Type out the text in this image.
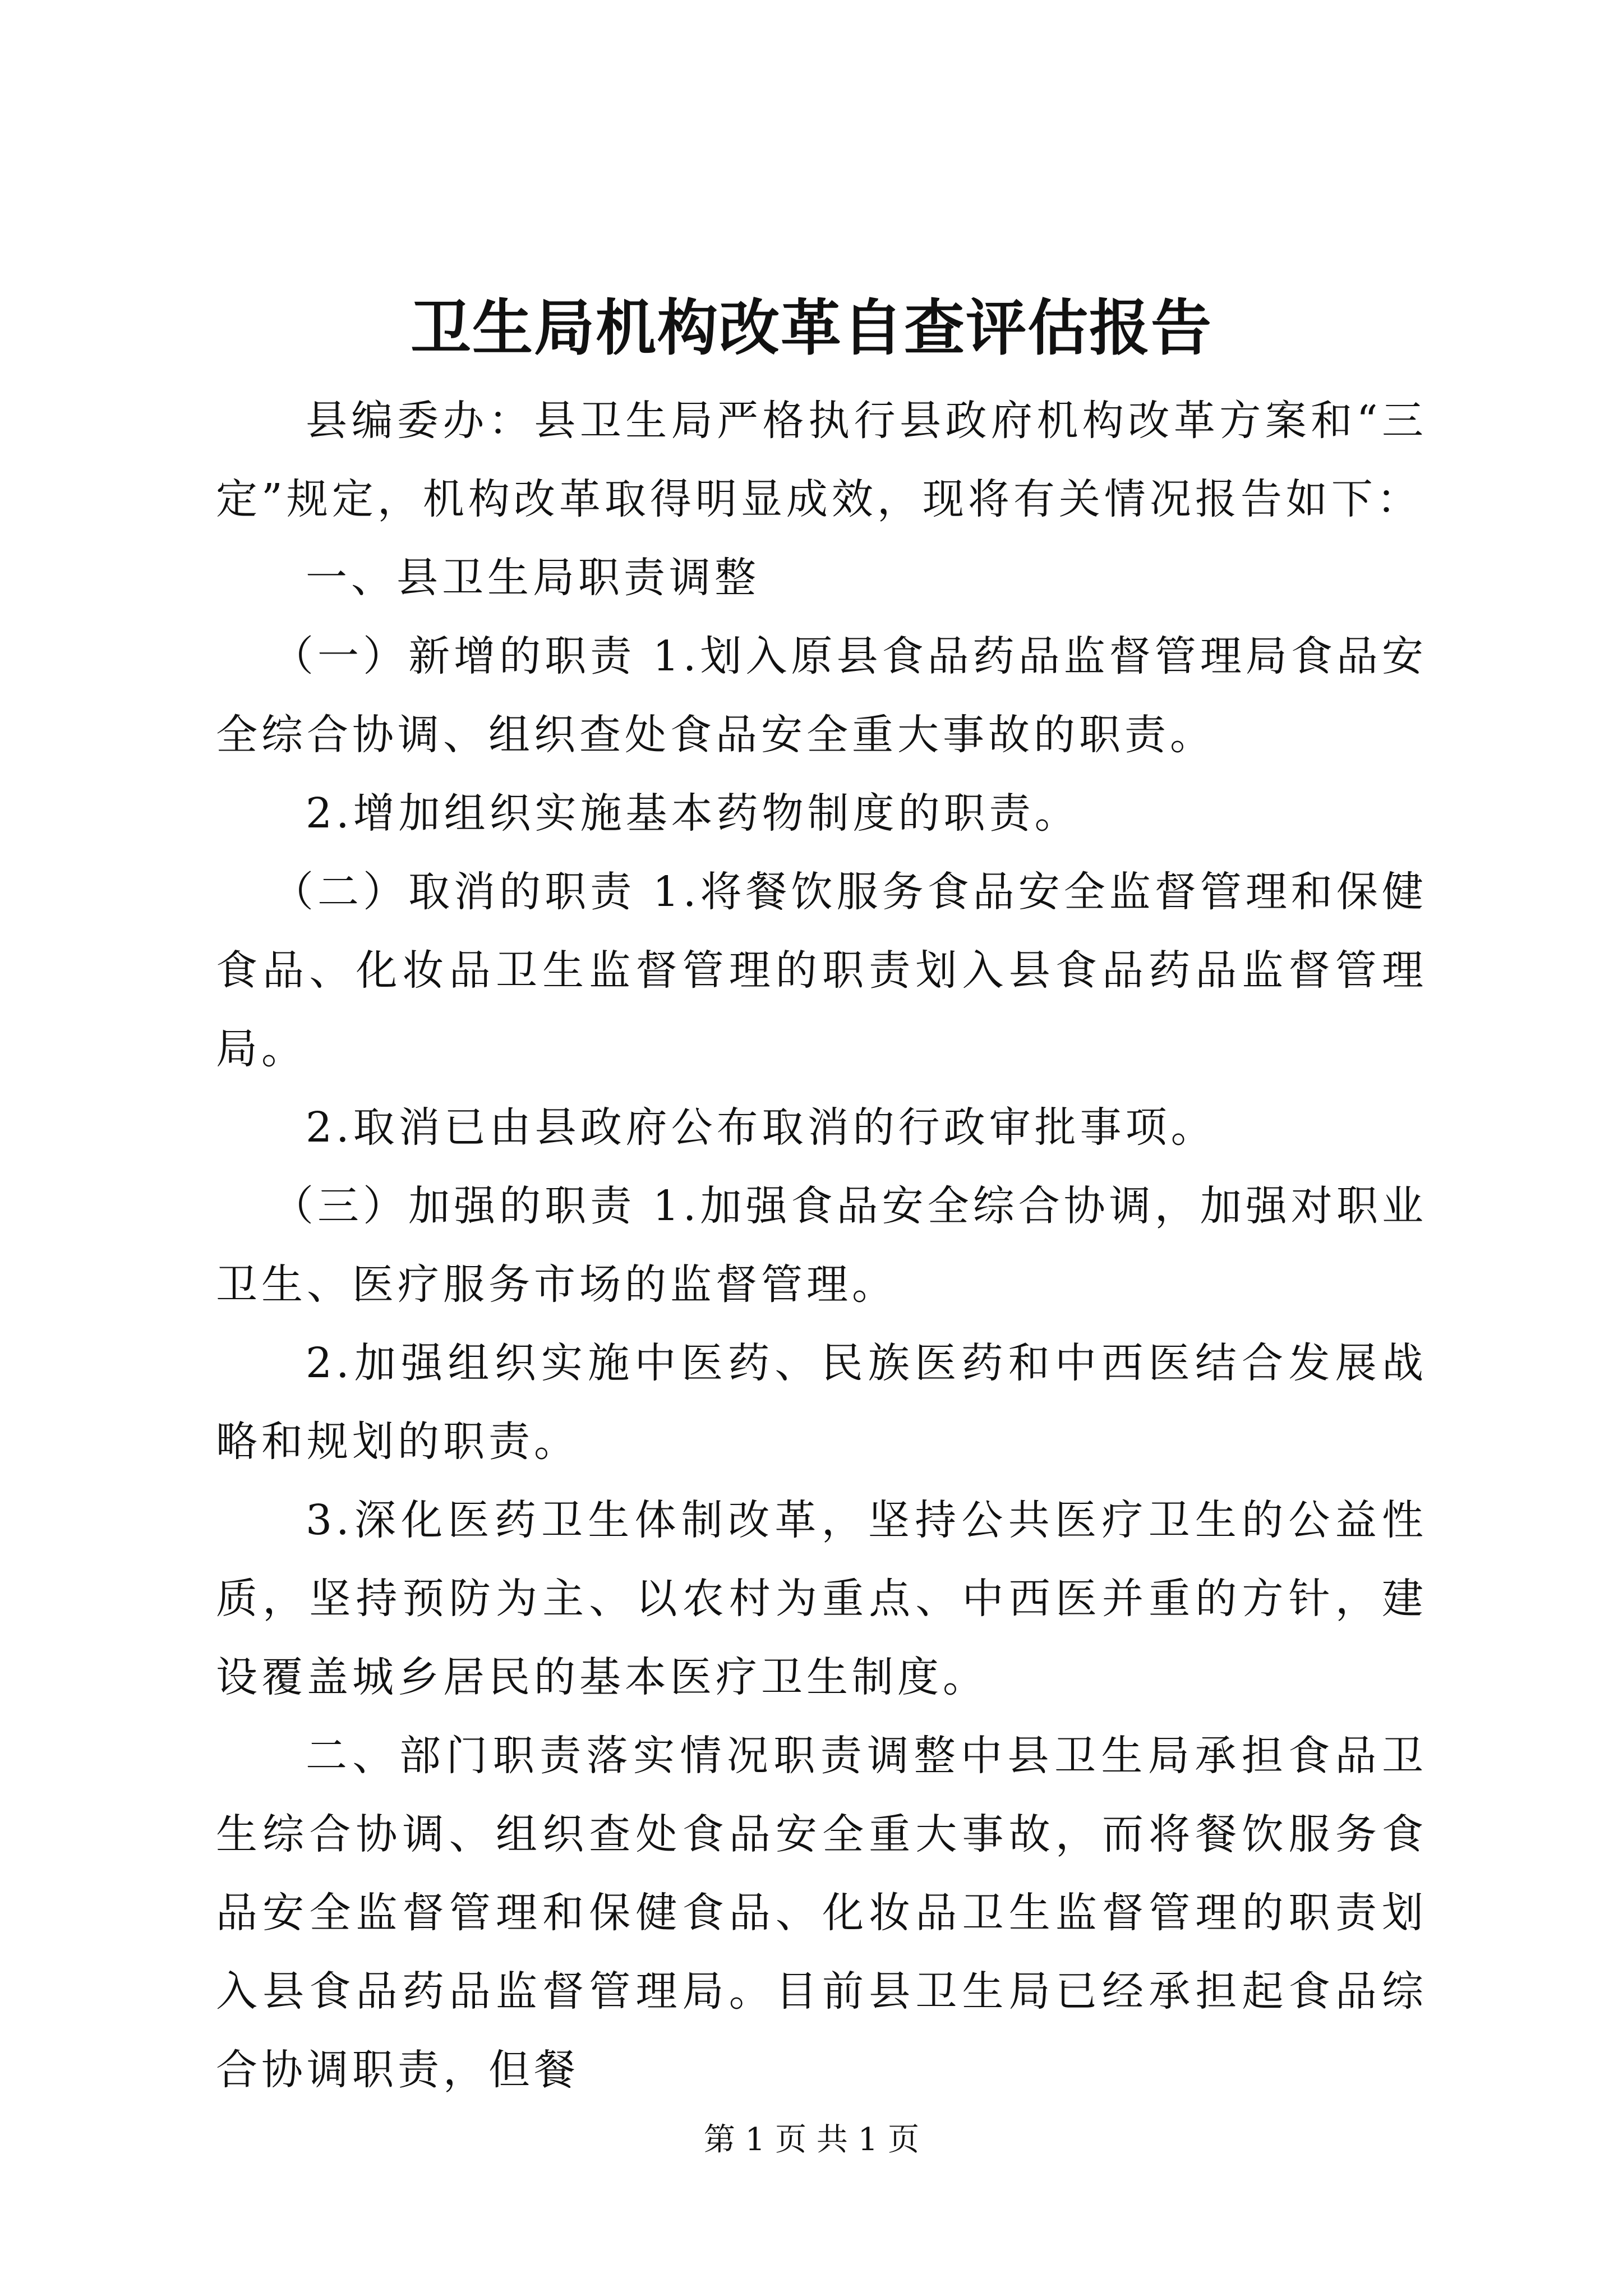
卫生局机构改革自查评估报告

县编委办：县卫生局严格执行县政府机构改革方案和“三定”规定，机构改革取得明显成效，现将有关情况报告如下：

一、县卫生局职责调整

（一）新增的职责 1.划入原县食品药品监督管理局食品安全综合协调、组织查处食品安全重大事故的职责。

2.增加组织实施基本药物制度的职责。

（二）取消的职责 1.将餐饮服务食品安全监督管理和保健食品、化妆品卫生监督管理的职责划入县食品药品监督管理局。

2.取消已由县政府公布取消的行政审批事项。

（三）加强的职责 1.加强食品安全综合协调，加强对职业卫生、医疗服务市场的监督管理。

2.加强组织实施中医药、民族医药和中西医结合发展战略和规划的职责。

3.深化医药卫生体制改革，坚持公共医疗卫生的公益性质，坚持预防为主、以农村为重点、中西医并重的方针，建设覆盖城乡居民的基本医疗卫生制度。

二、部门职责落实情况职责调整中县卫生局承担食品卫生综合协调、组织查处食品安全重大事故，而将餐饮服务食品安全监督管理和保健食品、化妆品卫生监督管理的职责划入县食品药品监督管理局。目前县卫生局已经承担起食品综合协调职责，但餐

第 1 页 共 1 页
